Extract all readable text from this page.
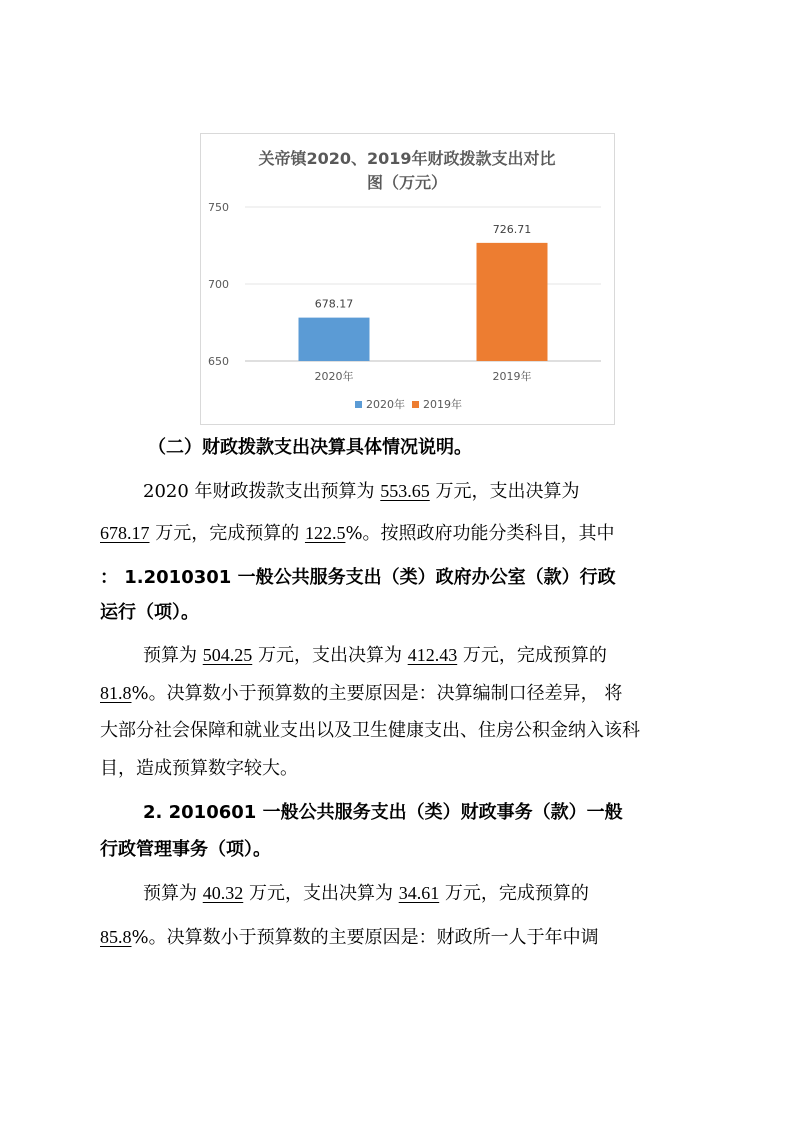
关帝镇2020、2019年财政拨款支出对比
图（万元）
650
700
750
678.17
726.71
2020年	2019年
2020年 2019年
（二）财政拨款支出决算具体情况说明。
2020 年财政拨款支出预算为 553.65 万元，支出决算为
678.17 万元，完成预算的 122.5%。按照政府功能分类科目，其中
： 1.2010301 一般公共服务支出（类）政府办公室（款）行政
运行（项）。
预算为 504.25 万元，支出决算为 412.43 万元，完成预算的
81.8%。决算数小于预算数的主要原因是：决算编制口径差异， 将
大部分社会保障和就业支出以及卫生健康支出、住房公积金纳入该科
目，造成预算数字较大。
2. 2010601 一般公共服务支出（类）财政事务（款）一般
行政管理事务（项）。
预算为 40.32 万元，支出决算为 34.61 万元，完成预算的
85.8%。决算数小于预算数的主要原因是：财政所一人于年中调
